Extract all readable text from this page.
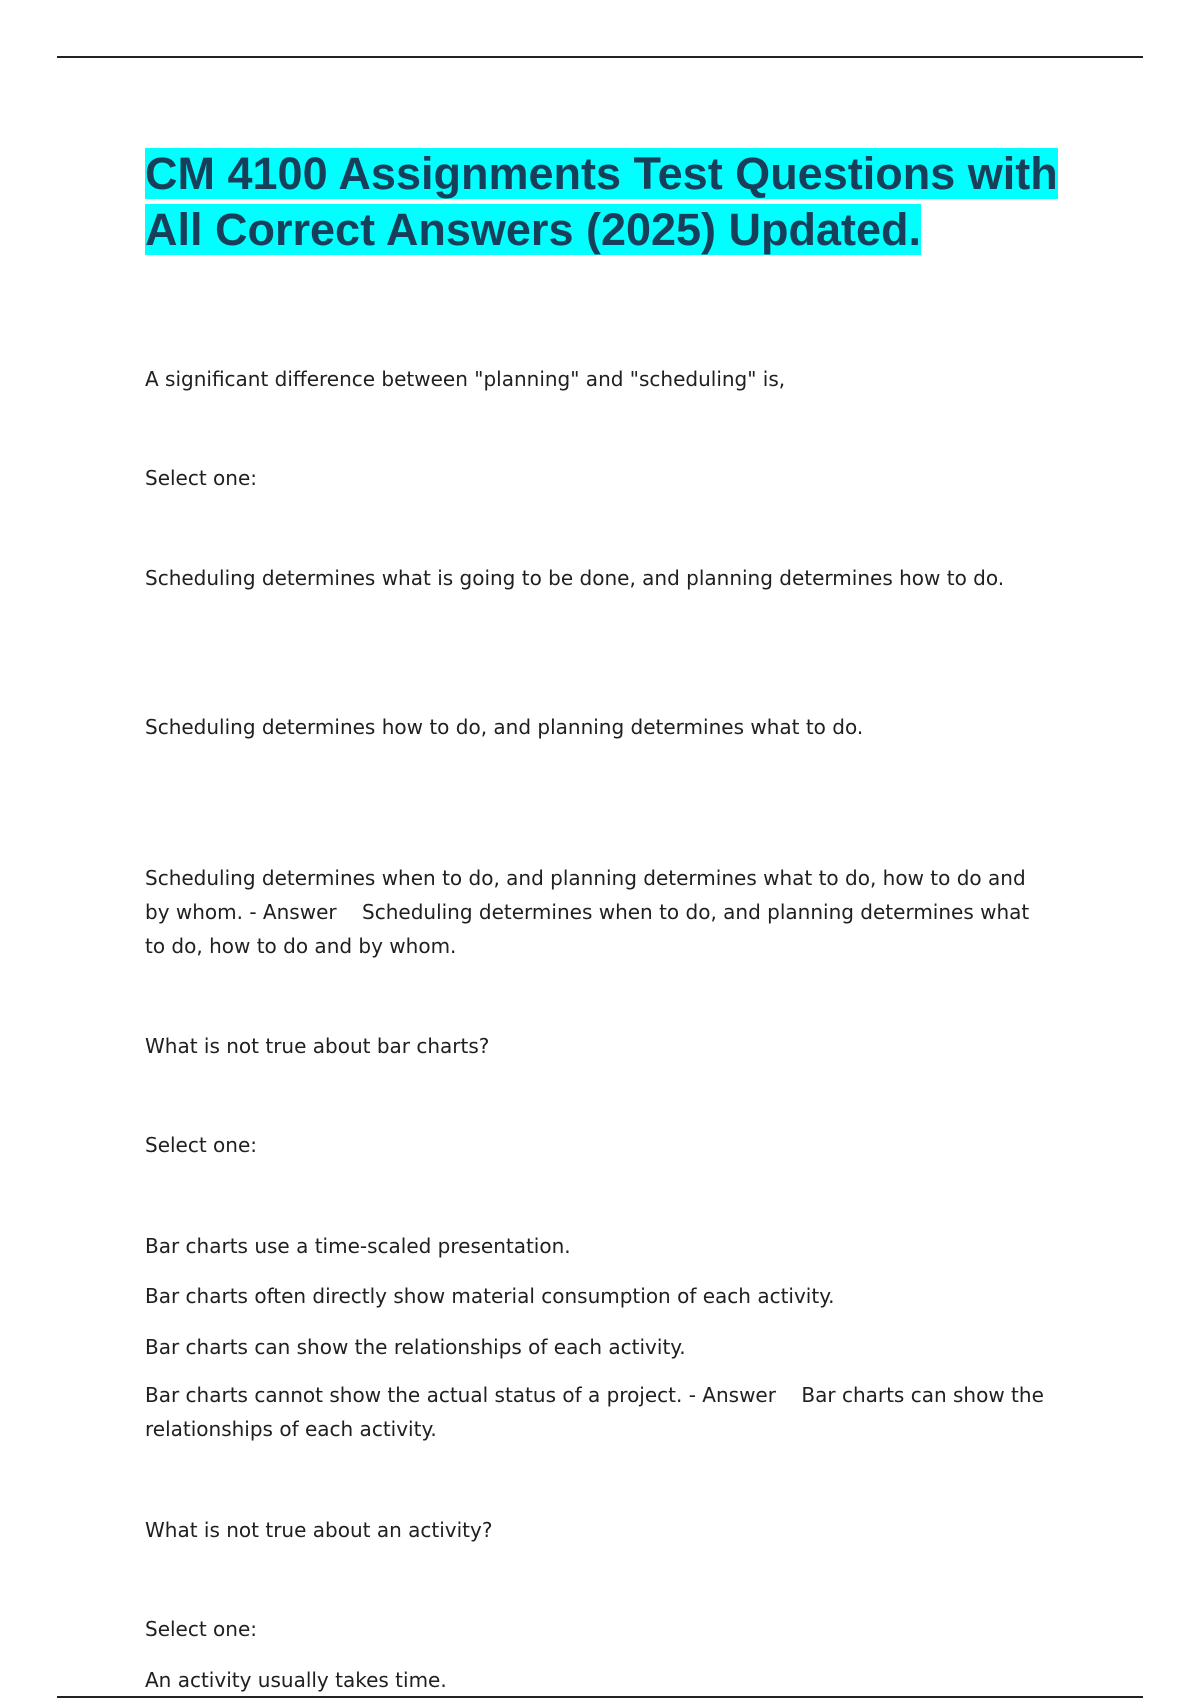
CM 4100 Assignments Test Questions with All Correct Answers (2025) Updated.

A significant difference between "planning" and "scheduling" is,

Select one:

Scheduling determines what is going to be done, and planning determines how to do.

Scheduling determines how to do, and planning determines what to do.

Scheduling determines when to do, and planning determines what to do, how to do and by whom. - Answer    Scheduling determines when to do, and planning determines what to do, how to do and by whom.

What is not true about bar charts?

Select one:

Bar charts use a time-scaled presentation.

Bar charts often directly show material consumption of each activity.

Bar charts can show the relationships of each activity.

Bar charts cannot show the actual status of a project. - Answer    Bar charts can show the relationships of each activity.

What is not true about an activity?

Select one:

An activity usually takes time.
